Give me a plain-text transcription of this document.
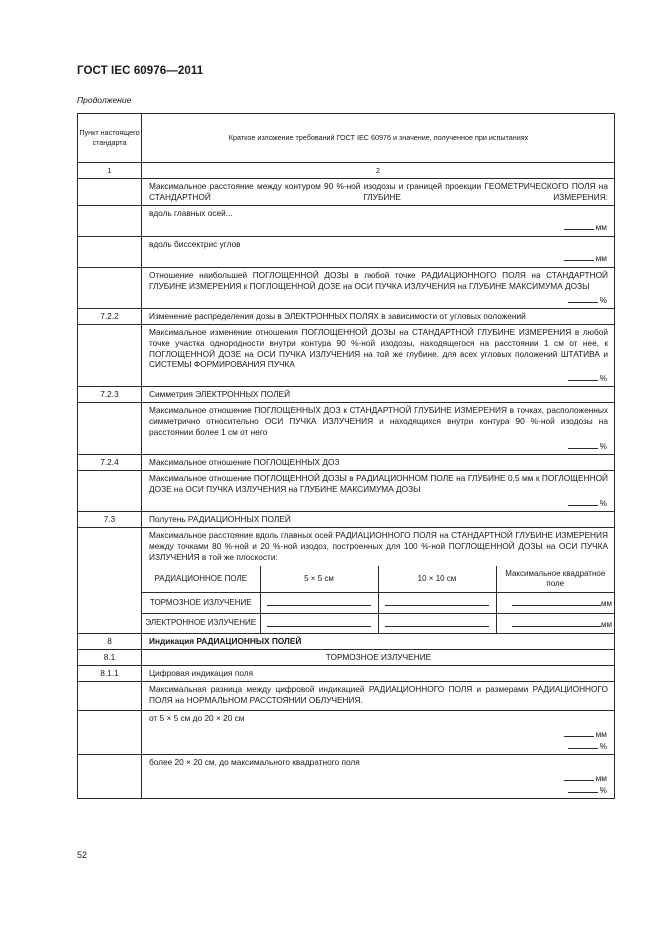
ГОСТ IEC 60976—2011
Продолжение
Пункт настоящего стандарта	Краткое изложение требований ГОСТ IEC 60976 и значение, полученное при испытаниях
1	2

Максимальное расстояние между контуром 90 %-ной изодозы и границей проекции ГЕОМЕТРИЧЕСКОГО ПОЛЯ на СТАНДАРТНОЙ ГЛУБИНЕ ИЗМЕРЕНИЯ:

вдоль главных осей...
мм

вдоль биссектрис углов
мм

Отношение наибольшей ПОГЛОЩЕННОЙ ДОЗЫ в любой точке РАДИАЦИОННОГО ПОЛЯ на СТАНДАРТНОЙ ГЛУБИНЕ ИЗМЕРЕНИЯ к ПОГЛОЩЕННОЙ ДОЗЕ на ОСИ ПУЧКА ИЗЛУЧЕНИЯ на ГЛУБИНЕ МАКСИМУМА ДОЗЫ
%

7.2.2	Изменение распределения дозы в ЭЛЕКТРОННЫХ ПОЛЯХ в зависимости от угловых положений

Максимальное изменение отношения ПОГЛОЩЕННОЙ ДОЗЫ на СТАНДАРТНОЙ ГЛУБИНЕ ИЗМЕРЕНИЯ в любой точке участка однородности внутри контура 90 %-ной изодозы, находящегося на расстоянии 1 см от нее, к ПОГЛОЩЕННОЙ ДОЗЕ на ОСИ ПУЧКА ИЗЛУЧЕНИЯ на той же глубине, для всех угловых положений ШТАТИВА и СИСТЕМЫ ФОРМИРОВАНИЯ ПУЧКА
%

7.2.3	Симметрия ЭЛЕКТРОННЫХ ПОЛЕЙ

Максимальное отношение ПОГЛОЩЕННЫХ ДОЗ к СТАНДАРТНОЙ ГЛУБИНЕ ИЗМЕРЕНИЯ в точках, расположенных симметрично относительно ОСИ ПУЧКА ИЗЛУЧЕНИЯ и находящихся внутри контура 90 %-ной изодозы на расстоянии более 1 см от него
%

7.2.4	Максимальное отношение ПОГЛОЩЕННЫХ ДОЗ

Максимальное отношение ПОГЛОЩЕННОЙ ДОЗЫ в РАДИАЦИОННОМ ПОЛЕ на ГЛУБИНЕ 0,5 мм к ПОГЛОЩЕННОЙ ДОЗЕ на ОСИ ПУЧКА ИЗЛУЧЕНИЯ на ГЛУБИНЕ МАКСИМУМА ДОЗЫ
%

7.3	Полутень РАДИАЦИОННЫХ ПОЛЕЙ

Максимальное расстояние вдоль главных осей РАДИАЦИОННОГО ПОЛЯ на СТАНДАРТНОЙ ГЛУБИНЕ ИЗМЕРЕНИЯ между точками 80 %-ной и 20 %-ной изодоз, построенных для 100 %-ной ПОГЛОЩЕННОЙ ДОЗЫ на ОСИ ПУЧКА ИЗЛУЧЕНИЯ в той же плоскости:
РАДИАЦИОННОЕ ПОЛЕ	5 × 5 см	10 × 10 см	Максимальное квадратное поле
ТОРМОЗНОЕ ИЗЛУЧЕНИЕ			мм
ЭЛЕКТРОННОЕ ИЗЛУЧЕНИЕ			мм

8	Индикация РАДИАЦИОННЫХ ПОЛЕЙ
8.1	ТОРМОЗНОЕ ИЗЛУЧЕНИЕ
8.1.1	Цифровая индикация поля

Максимальная разница между цифровой индикацией РАДИАЦИОННОГО ПОЛЯ и размерами РАДИАЦИОННОГО ПОЛЯ на НОРМАЛЬНОМ РАССТОЯНИИ ОБЛУЧЕНИЯ.

от 5 × 5 см до 20 × 20 см
мм
%

более 20 × 20 см, до максимального квадратного поля
мм
%
52
